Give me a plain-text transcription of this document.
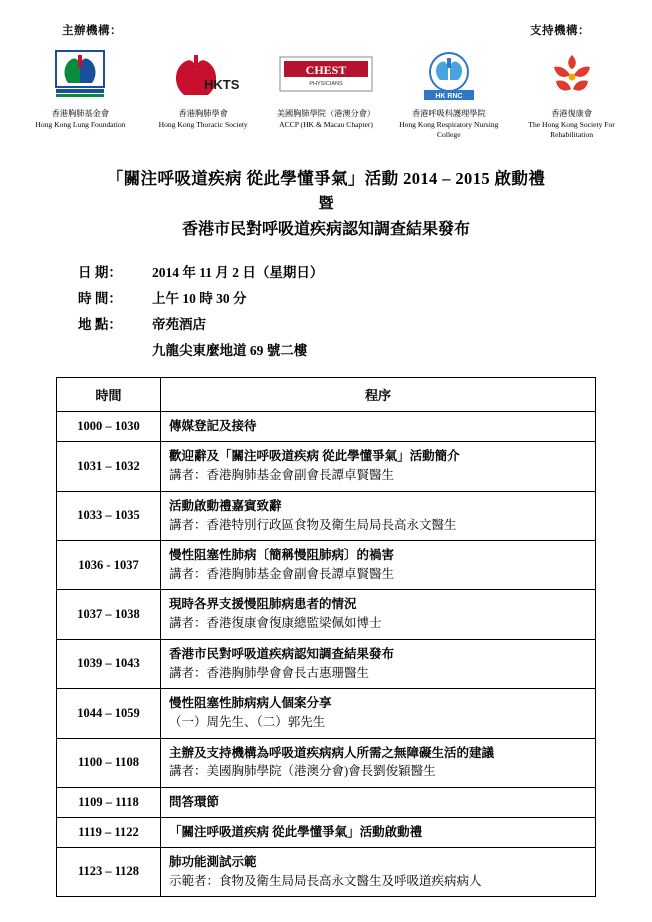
主辦機構：	支持機構：
香港胸肺基金會
Hong Kong Lung Foundation
HKTS
香港胸肺學會
Hong Kong Thoracic Society
CHEST
PHYSICIANS
美國胸肺學院（港澳分會）
ACCP (HK & Macau Chapter)
HK RNC
香港呼吸科護理學院
Hong Kong Respiratory Nursing College
香港復康會
The Hong Kong Society For Rehabilitation
「關注呼吸道疾病 從此學懂爭氣」活動 2014 – 2015 啟動禮
暨
香港市民對呼吸道疾病認知調查結果發布
日 期：	2014 年 11 月 2 日（星期日）
時 間：	上午 10 時 30 分
地 點：	帝苑酒店
九龍尖東麼地道 69 號二樓
時間	程序
1000 – 1030	傳媒登記及接待

1031 – 1032	歡迎辭及「關注呼吸道疾病 從此學懂爭氣」活動簡介
講者：香港胸肺基金會副會長譚卓賢醫生

1033 – 1035	活動啟動禮嘉賓致辭
講者：香港特別行政區食物及衛生局局長高永文醫生

1036 - 1037	慢性阻塞性肺病〔簡稱慢阻肺病〕的禍害
講者：香港胸肺基金會副會長譚卓賢醫生

1037 – 1038	現時各界支援慢阻肺病患者的情況
講者：香港復康會復康總監梁佩如博士

1039 – 1043	香港市民對呼吸道疾病認知調查結果發布
講者：香港胸肺學會會長古惠珊醫生

1044 – 1059	慢性阻塞性肺病病人個案分享
（一）周先生、（二）郭先生

1100 – 1108	主辦及支持機構為呼吸道疾病病人所需之無障礙生活的建議
講者：美國胸肺學院（港澳分會)會長劉俊穎醫生

1109 – 1118	問答環節

1119 – 1122	「關注呼吸道疾病 從此學懂爭氣」活動啟動禮

1123 – 1128	肺功能測試示範
示範者：食物及衛生局局長高永文醫生及呼吸道疾病病人
